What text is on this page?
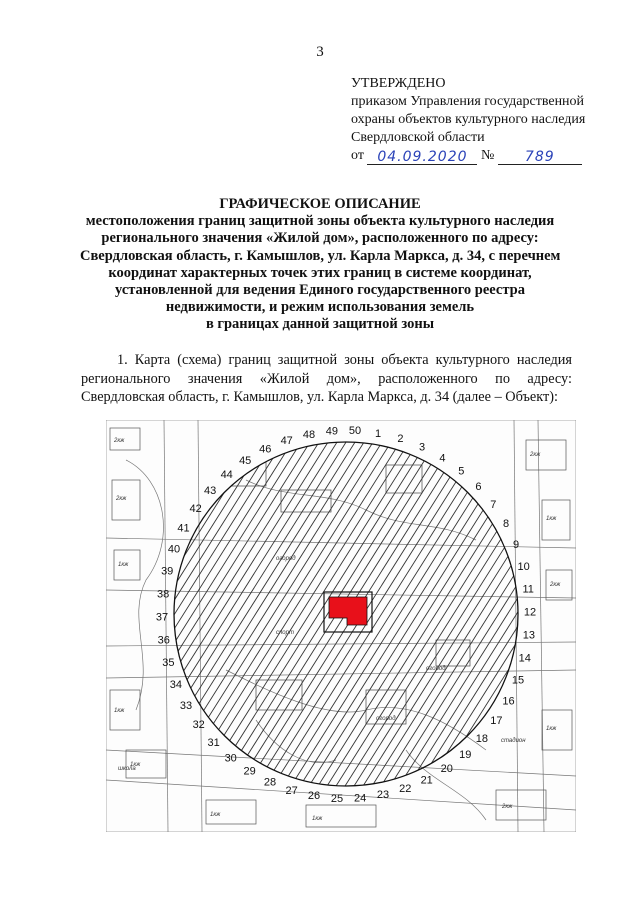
3
УТВЕРЖДЕНО
приказом Управления государственной
охраны объектов культурного наследия
Свердловской области
от 04.09.2020 № 789
ГРАФИЧЕСКОЕ ОПИСАНИЕ
местоположения границ защитной зоны объекта культурного наследия
регионального значения «Жилой дом», расположенного по адресу:
Свердловская область, г. Камышлов, ул. Карла Маркса, д. 34, с перечнем
координат характерных точек этих границ в системе координат,
установленной для ведения Единого государственного реестра
недвижимости, и режим использования земель
в границах данной защитной зоны

1. Карта (схема) границ защитной зоны объекта культурного наследия регионального значения «Жилой дом», расположенного по адресу: Свердловская область, г. Камышлов, ул. Карла Маркса, д. 34 (далее – Объект):

1 2
3
4
5
6
7
8
9
10
11
12
13
14
15
16
17
18
19
20
21
22
23
24
25
26
27
28
29
30
31
32
33
34
35
36
37
38
39
40
41
42
43
44
45
46
47 48 49 50
огород
огород
огород
спорт
школа
стадион
2кж
2кж
1кж
1кж
1кж
2кж
1кж
2кж
1кж
2кж
1кж
1кж
